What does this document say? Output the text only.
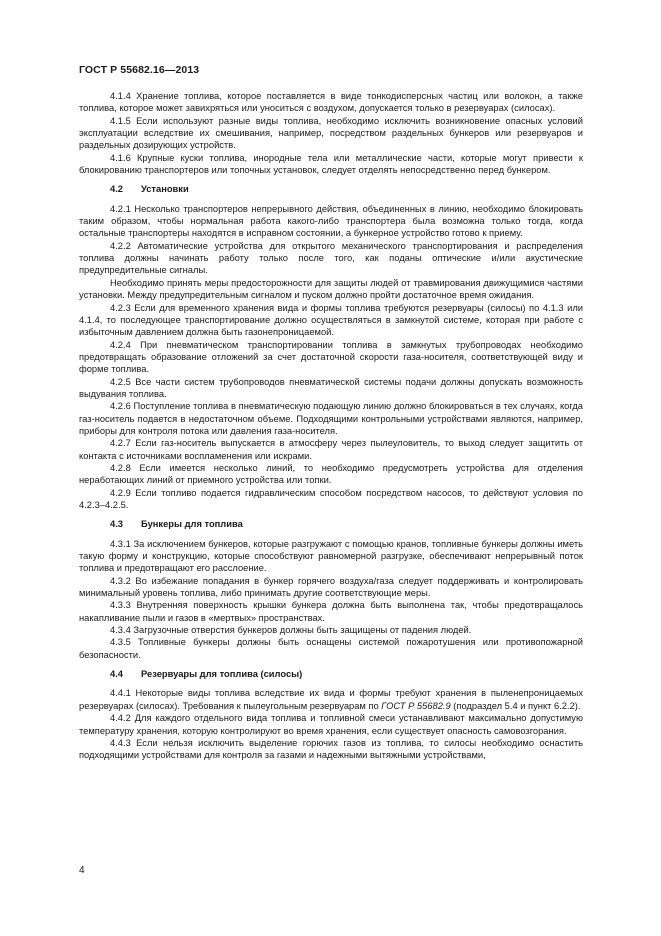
ГОСТ Р 55682.16—2013

4.1.4 Хранение топлива, которое поставляется в виде тонкодисперсных частиц или волокон, а также топлива, которое может завихряться или уноситься с воздухом, допускается только в резервуарах (силосах).

4.1.5 Если используют разные виды топлива, необходимо исключить возникновение опасных условий эксплуатации вследствие их смешивания, например, посредством раздельных бункеров или резервуаров и раздельных дозирующих устройств.

4.1.6 Крупные куски топлива, инородные тела или металлические части, которые могут привести к блокированию транспортеров или топочных установок, следует отделять непосредственно перед бункером.

4.2 Установки

4.2.1 Несколько транспортеров непрерывного действия, объединенных в линию, необходимо блокировать таким образом, чтобы нормальная работа какого-либо транспортера была возможна только тогда, когда остальные транспортеры находятся в исправном состоянии, а бункерное устройство готово к приему.

4.2.2 Автоматические устройства для открытого механического транспортирования и распределения топлива должны начинать работу только после того, как поданы оптические и/или акустические предупредительные сигналы.

Необходимо принять меры предосторожности для защиты людей от травмирования движущимися частями установки. Между предупредительным сигналом и пуском должно пройти достаточное время ожидания.

4.2.3 Если для временного хранения вида и формы топлива требуются резервуары (силосы) по 4.1.3 или 4.1.4, то последующее транспортирование должно осуществляться в замкнутой системе, которая при работе с избыточным давлением должна быть газонепроницаемой.

4.2.4 При пневматическом транспортировании топлива в замкнутых трубопроводах необходимо предотвращать образование отложений за счет достаточной скорости газа-носителя, соответствующей виду и форме топлива.

4.2.5 Все части систем трубопроводов пневматической системы подачи должны допускать возможность выдувания топлива.

4.2.6 Поступление топлива в пневматическую подающую линию должно блокироваться в тех случаях, когда газ-носитель подается в недостаточном объеме. Подходящими контрольными устройствами являются, например, приборы для контроля потока или давления газа-носителя.

4.2.7 Если газ-носитель выпускается в атмосферу через пылеуловитель, то выход следует защитить от контакта с источниками воспламенения или искрами.

4.2.8 Если имеется несколько линий, то необходимо предусмотреть устройства для отделения неработающих линий от приемного устройства или топки.

4.2.9 Если топливо подается гидравлическим способом посредством насосов, то действуют условия по 4.2.3–4.2.5.

4.3 Бункеры для топлива

4.3.1 За исключением бункеров, которые разгружают с помощью кранов, топливные бункеры должны иметь такую форму и конструкцию, которые способствуют равномерной разгрузке, обеспечивают непрерывный поток топлива и предотвращают его расслоение.

4.3.2 Во избежание попадания в бункер горячего воздуха/газа следует поддерживать и контролировать минимальный уровень топлива, либо принимать другие соответствующие меры.

4.3.3 Внутренняя поверхность крышки бункера должна быть выполнена так, чтобы предотвращалось накапливание пыли и газов в «мертвых» пространствах.

4.3.4 Загрузочные отверстия бункеров должны быть защищены от падения людей.

4.3.5 Топливные бункеры должны быть оснащены системой пожаротушения или противопожарной безопасности.

4.4 Резервуары для топлива (силосы)

4.4.1 Некоторые виды топлива вследствие их вида и формы требуют хранения в пыленепроницаемых резервуарах (силосах). Требования к пылеугольным резервуарам по ГОСТ Р 55682.9 (подраздел 5.4 и пункт 6.2.2).

4.4.2 Для каждого отдельного вида топлива и топливной смеси устанавливают максимально допустимую температуру хранения, которую контролируют во время хранения, если существует опасность самовозгорания.

4.4.3 Если нельзя исключить выделение горючих газов из топлива, то силосы необходимо оснастить подходящими устройствами для контроля за газами и надежными вытяжными устройствами,

4
